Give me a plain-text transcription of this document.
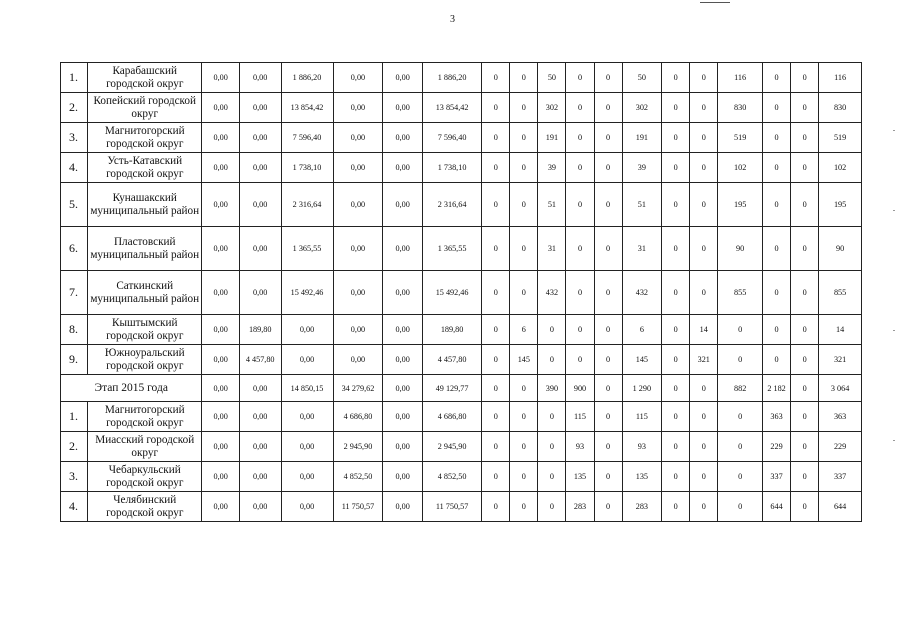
3
1.	Карабашский городской округ	0,00	0,00	1 886,20	0,00	0,00	1 886,20	0	0	50	0	0	50	0	0	116	0	0	116
2.	Копейский городской округ	0,00	0,00	13 854,42	0,00	0,00	13 854,42	0	0	302	0	0	302	0	0	830	0	0	830
3.	Магнитогорский городской округ	0,00	0,00	7 596,40	0,00	0,00	7 596,40	0	0	191	0	0	191	0	0	519	0	0	519
4.	Усть-Катавский городской округ	0,00	0,00	1 738,10	0,00	0,00	1 738,10	0	0	39	0	0	39	0	0	102	0	0	102
5.	Кунашакский муниципальный район	0,00	0,00	2 316,64	0,00	0,00	2 316,64	0	0	51	0	0	51	0	0	195	0	0	195
6.	Пластовский муниципальный район	0,00	0,00	1 365,55	0,00	0,00	1 365,55	0	0	31	0	0	31	0	0	90	0	0	90
7.	Саткинский муниципальный район	0,00	0,00	15 492,46	0,00	0,00	15 492,46	0	0	432	0	0	432	0	0	855	0	0	855
8.	Кыштымский городской округ	0,00	189,80	0,00	0,00	0,00	189,80	0	6	0	0	0	6	0	14	0	0	0	14
9.	Южноуральский городской округ	0,00	4 457,80	0,00	0,00	0,00	4 457,80	0	145	0	0	0	145	0	321	0	0	0	321
Этап 2015 года		0,00	0,00	14 850,15	34 279,62	0,00	49 129,77	0	0	390	900	0	1 290	0	0	882	2 182	0	3 064
1.	Магнитогорский городской округ	0,00	0,00	0,00	4 686,80	0,00	4 686,80	0	0	0	115	0	115	0	0	0	363	0	363
2.	Миасский городской округ	0,00	0,00	0,00	2 945,90	0,00	2 945,90	0	0	0	93	0	93	0	0	0	229	0	229
3.	Чебаркульский городской округ	0,00	0,00	0,00	4 852,50	0,00	4 852,50	0	0	0	135	0	135	0	0	0	337	0	337
4.	Челябинский городской округ	0,00	0,00	0,00	11 750,57	0,00	11 750,57	0	0	0	283	0	283	0	0	0	644	0	644
